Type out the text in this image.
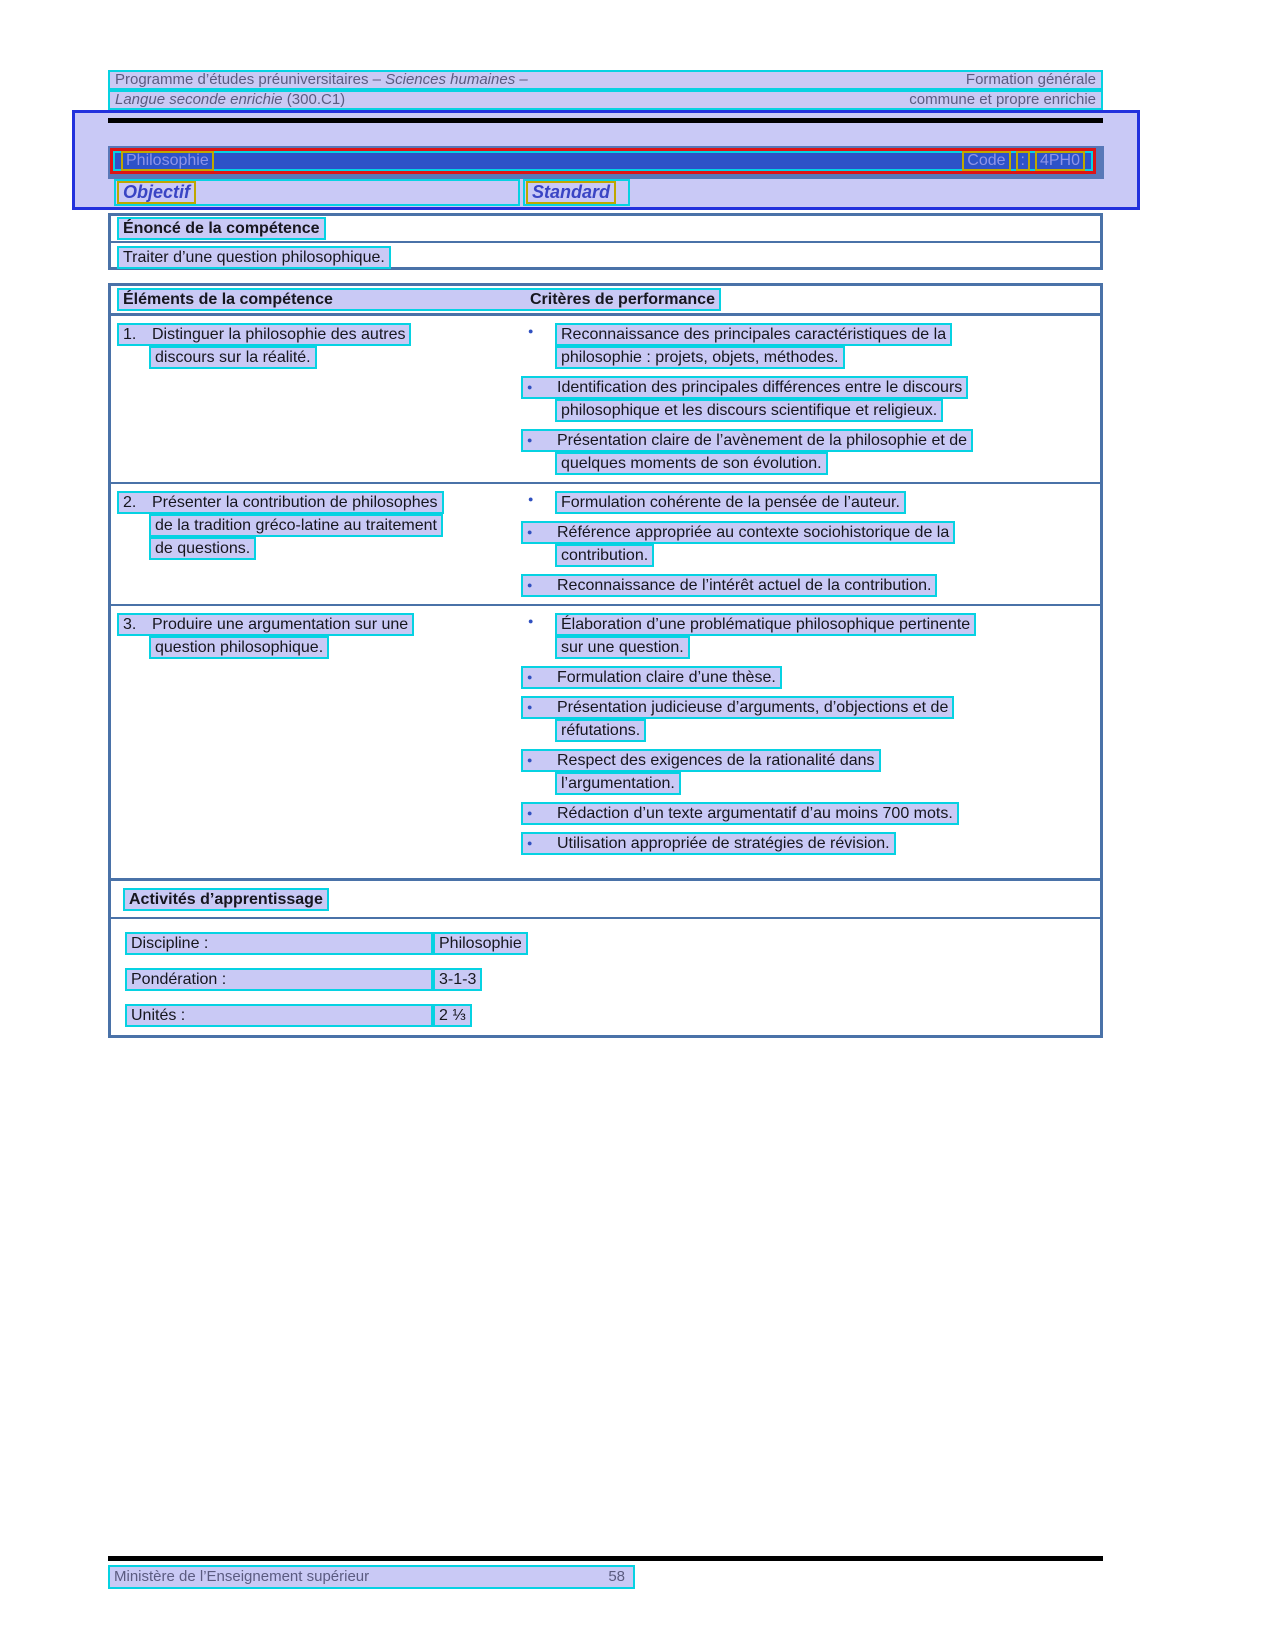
Programme d’études préuniversitaires – Sciences humaines –	Formation générale
Langue seconde enrichie (300.C1)	commune et propre enrichie
Philosophie	Code : 4PH0
Objectif	Standard
Énoncé de la compétence
Traiter d’une question philosophique.
Éléments de la compétence	Critères de performance
1. Distinguer la philosophie des autres
discours sur la réalité.
● Reconnaissance des principales caractéristiques de la
philosophie : projets, objets, méthodes.
● Identification des principales différences entre le discours
philosophique et les discours scientifique et religieux.
● Présentation claire de l’avènement de la philosophie et de
quelques moments de son évolution.
2. Présenter la contribution de philosophes
de la tradition gréco-latine au traitement
de questions.
● Formulation cohérente de la pensée de l’auteur.
● Référence appropriée au contexte sociohistorique de la
contribution.
● Reconnaissance de l’intérêt actuel de la contribution.
3. Produire une argumentation sur une
question philosophique.
● Élaboration d’une problématique philosophique pertinente
sur une question.
● Formulation claire d’une thèse.
● Présentation judicieuse d’arguments, d’objections et de
réfutations.
● Respect des exigences de la rationalité dans
l’argumentation.
● Rédaction d’un texte argumentatif d’au moins 700 mots.
● Utilisation appropriée de stratégies de révision.
Activités d’apprentissage
Discipline :	Philosophie
Pondération :	3-1-3
Unités :	2 ⅓
Ministère de l’Enseignement supérieur	58
